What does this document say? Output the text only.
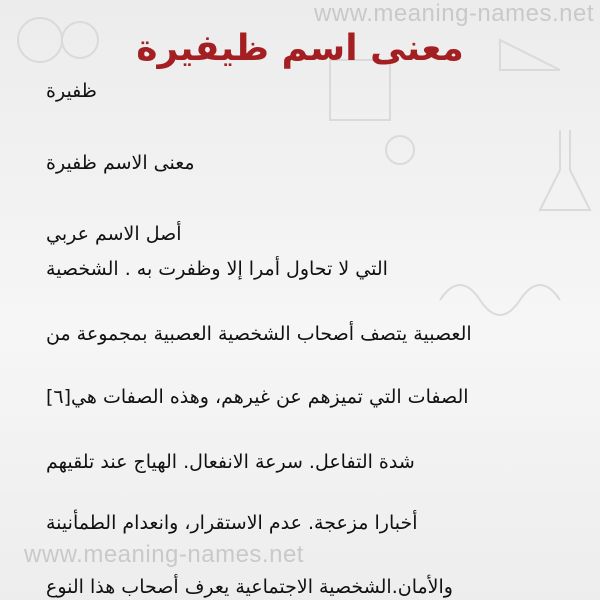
www.meaning-names.net
معنى اسم ظيفيرة
ظفيرة
معنى الاسم ظفيرة
أصل الاسم عربي
التي لا تحاول أمرا إلا وظفرت به . الشخصية
العصبية يتصف أصحاب الشخصية العصبية بمجموعة من
الصفات التي تميزهم عن غيرهم، وهذه الصفات هي[٦]
شدة التفاعل. سرعة الانفعال. الهياج عند تلقيهم
أخبارا مزعجة. عدم الاستقرار، وانعدام الطمأنينة
www.meaning-names.net
والأمان.الشخصية الاجتماعية يعرف أصحاب هذا النوع
